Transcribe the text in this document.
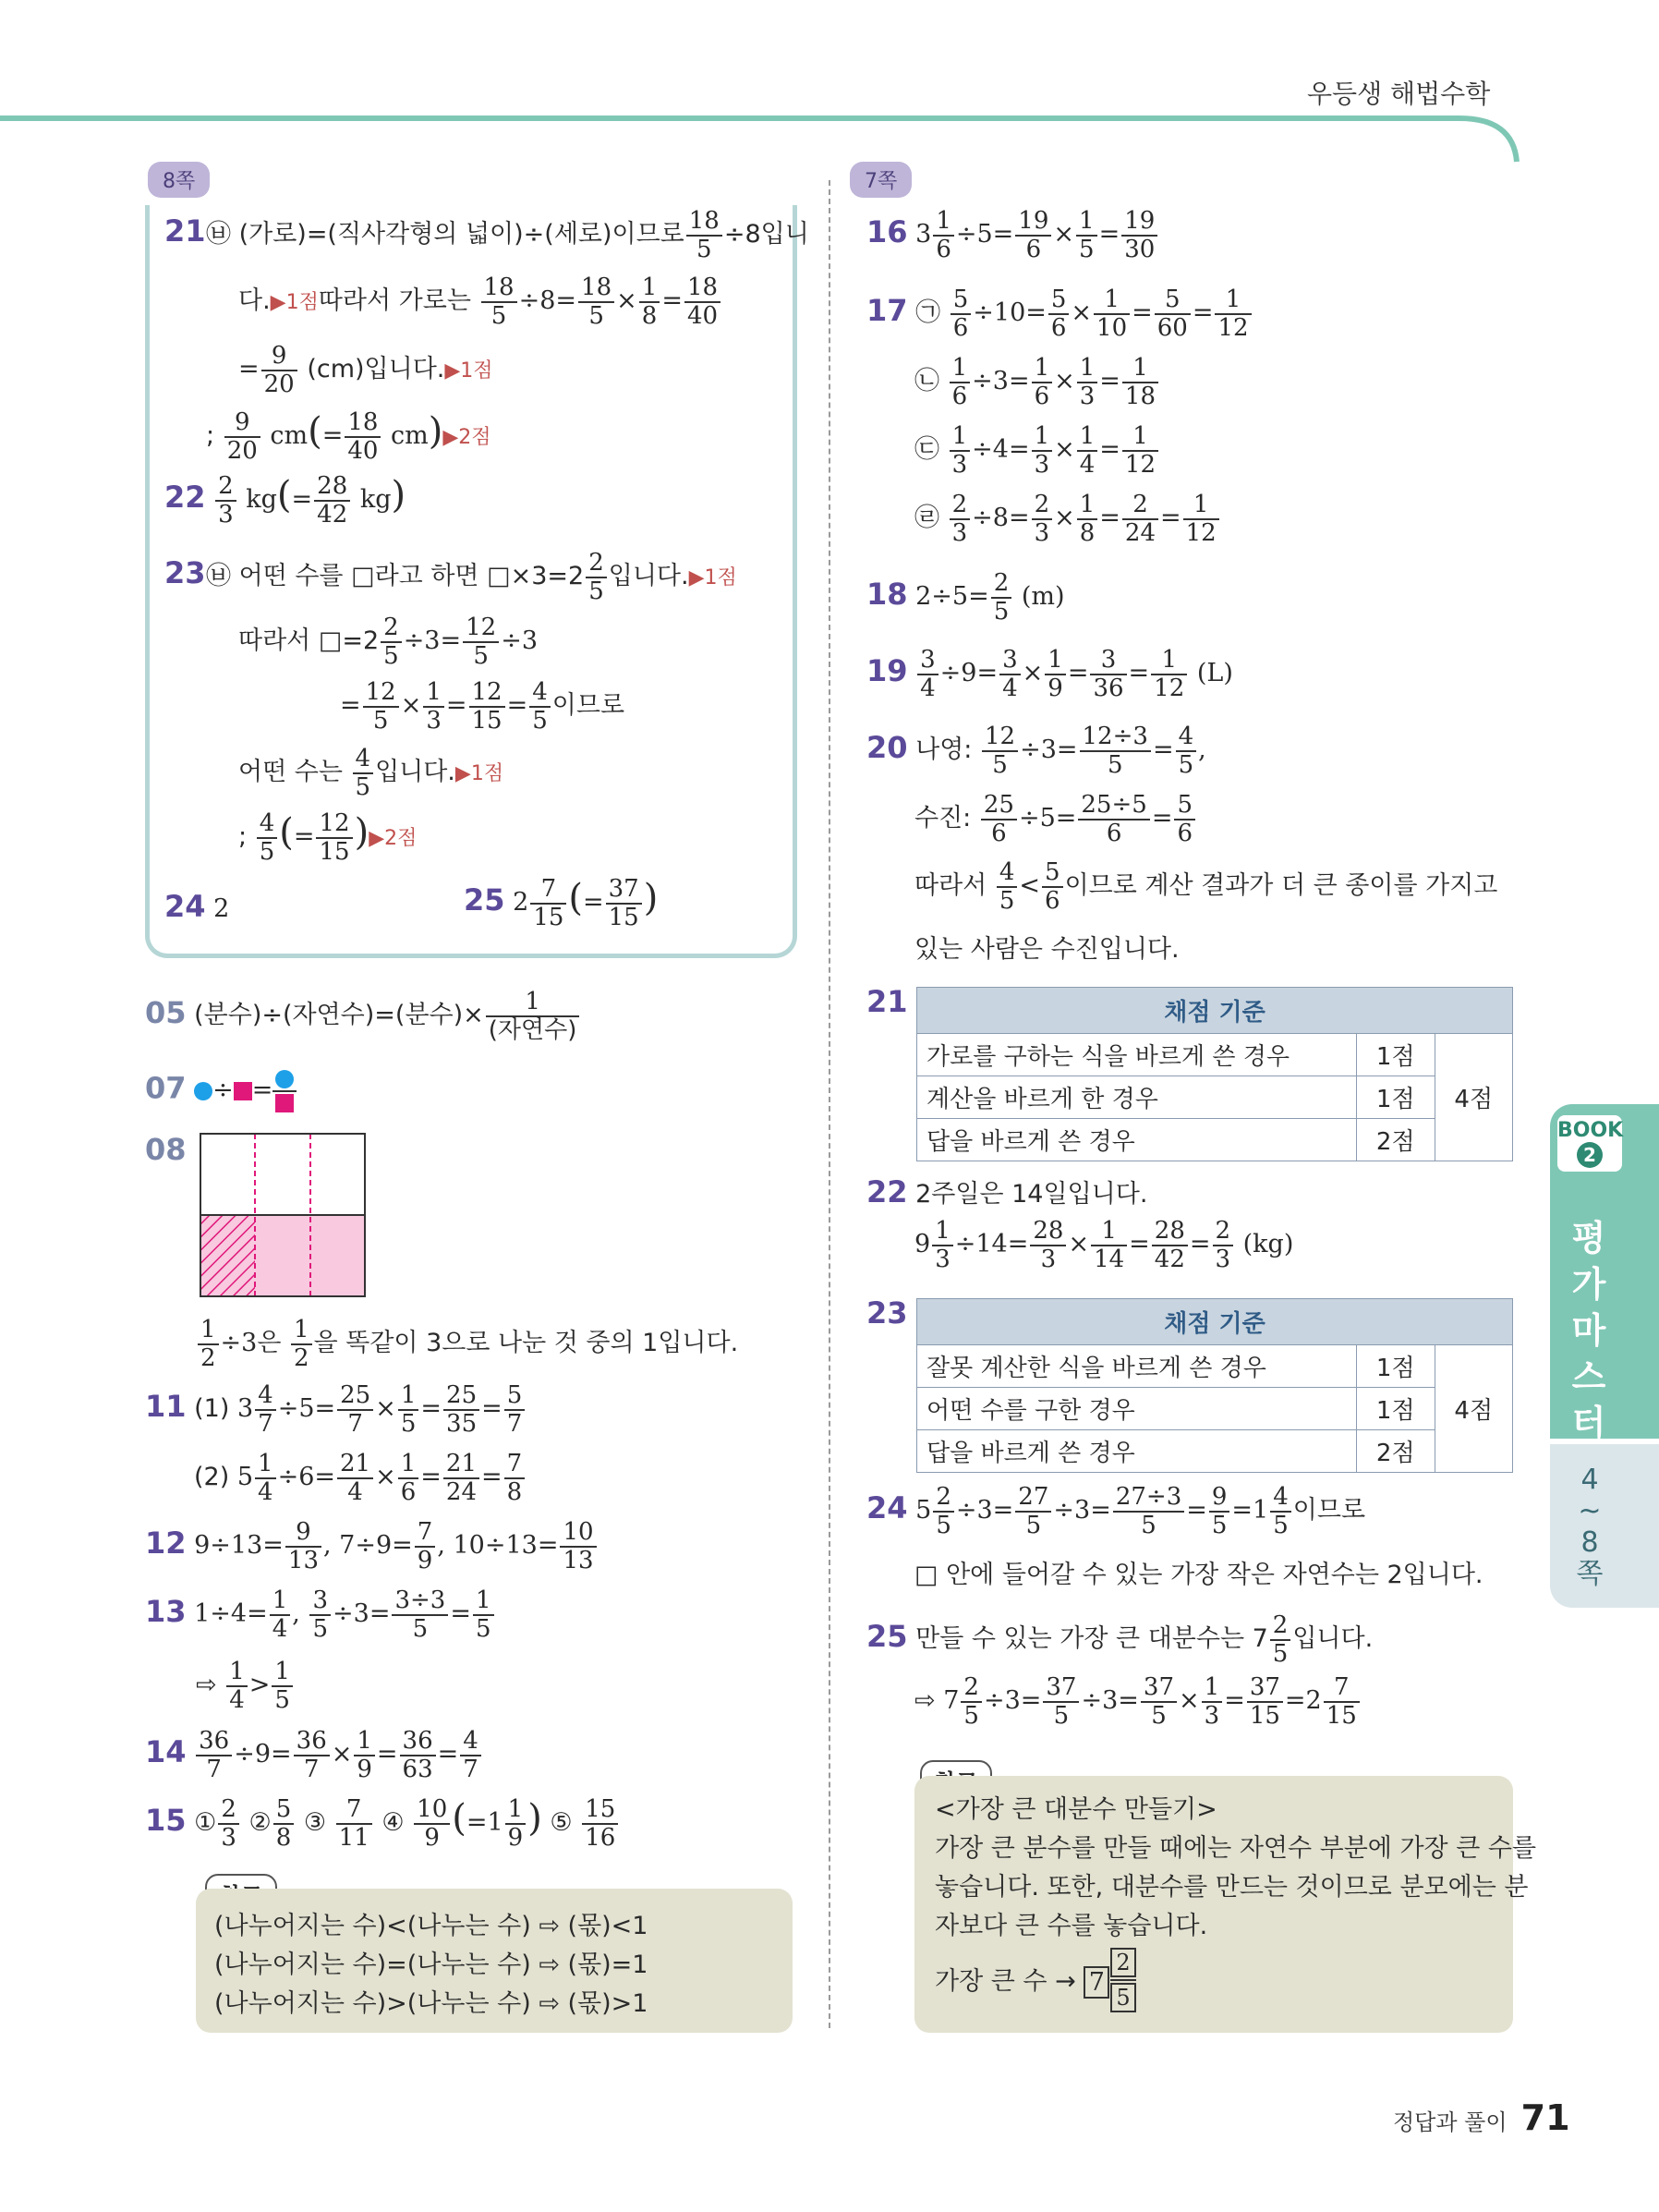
우등생 해법수학
8쪽	7쪽
21 ㉥ (가로)=(직사각형의 넓이)÷(세로)이므로 $\frac{18}{5} \div 8$입니
다.▶1점따라서 가로는 $\frac{18}{5} \div 8= \frac{18}{5} \times \frac{1}{8} = \frac{18}{40}$
= $\frac{9}{20} (cm)$입니다.▶1점
; $\frac{9}{20} cm(= \frac{18}{40}$ cm)▶2점
$22 \frac{2}{3} kg(= \frac{28}{42} kg)$
23 ㉥ 어떤 수를 □라고 하면 □×3=2 $\frac{2}{5}$ 입니다.▶1점
따라서 □=2 $\frac{2}{5} \div 3= \frac{12}{5} \div 3$
= $\frac{12}{5} \times \frac{1}{3} = \frac{12}{15} = \frac{4}{5}$ 이므로
어떤 수는 $\frac{4}{5}$ 입니다.▶1점
; $\frac{4}{5}$ (= $\frac{12}{15}$ )▶2점
24 2	25 $2 \frac{7}{15}$ (= $\frac{37}{15}$ )
05 (분수)÷(자연수)=(분수)× $\frac{1}{\text{(자연수)}}$
07 ÷ =
08
$\frac{1}{2} \div 3$은 $\frac{1}{2}$ 을 똑같이 3으로 나눈 것 중의 1입니다.
11 (1) $3 \frac{4}{7} \div 5= \frac{25}{7} \times \frac{1}{5} = \frac{25}{35} = \frac{5}{7}$
(2) $5 \frac{1}{4} \div 6= \frac{21}{4} \times \frac{1}{6} = \frac{21}{24} = \frac{7}{8}$
12 $9\div 13= \frac{9}{13}$ , $7\div 9= \frac{7}{9}$ , $10\div 13= \frac{10}{13}$
13 $1\div 4= \frac{1}{4}$ , $\frac{3}{5} \div 3= \frac{3\div 3}{5} = \frac{1}{5}$
⇨ $\frac{1}{4} > \frac{1}{5}$
$14 \frac{36}{7} \div 9= \frac{36}{7} \times \frac{1}{9} = \frac{36}{63} = \frac{4}{7}$
15 ① $\frac{2}{3}$ ② $\frac{5}{8}$ ③ $\frac{7}{11}$ ④ $\frac{10}{9} (=1 \frac{1}{9}$ ) ⑤ $\frac{15}{16}$
(나누어지는 수)<(나누는 수) ⇨ (몫)<1
(나누어지는 수)=(나누는 수) ⇨ (몫)=1
(나누어지는 수)>(나누는 수) ⇨ (몫)>1
16 $3 \frac{1}{6} \div 5= \frac{19}{6} \times \frac{1}{5} = \frac{19}{30}$
17 ㉠ $\frac{5}{6} \div 10= \frac{5}{6} \times \frac{1}{10} = \frac{5}{60} = \frac{1}{12}$
㉡ $\frac{1}{6} \div 3= \frac{1}{6} \times \frac{1}{3} = \frac{1}{18}$
㉢ $\frac{1}{3} \div 4= \frac{1}{3} \times \frac{1}{4} = \frac{1}{12}$
㉣ $\frac{2}{3} \div 8= \frac{2}{3} \times \frac{1}{8} = \frac{2}{24} = \frac{1}{12}$
18 $2\div 5= \frac{2}{5} (m)$
$19 \frac{3}{4} \div 9= \frac{3}{4} \times \frac{1}{9} = \frac{3}{36} = \frac{1}{12} (L)$
20 나영: $\frac{12}{5} \div 3= \frac{12\div 3}{5} = \frac{4}{5}$ ,
수진: $\frac{25}{6} \div 5= \frac{25\div 5}{6} = \frac{5}{6}$
따라서 $\frac{4}{5} < \frac{5}{6}$ 이므로 계산 결과가 더 큰 종이를 가지고
있는 사람은 수진입니다.
21	채점 기준		
가로를 구하는 식을 바르게 쓴 경우	1점	4점
계산을 바르게 한 경우	1점	
답을 바르게 쓴 경우	2점	
22 2주일은 14일입니다.
$9 \frac{1}{3} \div 14= \frac{28}{3} \times \frac{1}{14} = \frac{28}{42} = \frac{2}{3} (kg)$
23	채점 기준		
잘못 계산한 식을 바르게 쓴 경우	1점	4점
어떤 수를 구한 경우	1점	
답을 바르게 쓴 경우	2점	
24 $5 \frac{2}{5} \div 3= \frac{27}{5} \div 3= \frac{27\div 3}{5} = \frac{9}{5} =1 \frac{4}{5}$ 이므로
□ 안에 들어갈 수 있는 가장 작은 자연수는 2입니다.
25 만들 수 있는 가장 큰 대분수는 $7 \frac{2}{5}$ 입니다.
⇨ $7 \frac{2}{5} \div 3= \frac{37}{5} \div 3= \frac{37}{5} \times \frac{1}{3} = \frac{37}{15} =2 \frac{7}{15}$
<가장 큰 대분수 만들기>
가장 큰 분수를 만들 때에는 자연수 부분에 가장 큰 수를
놓습니다. 또한, 대분수를 만드는 것이므로 분모에는 분
자보다 큰 수를 놓습니다.
가장 큰 수 → 7
2
5
BOOK
2
평가 마스터
4~8쪽
정답과 풀이 71
